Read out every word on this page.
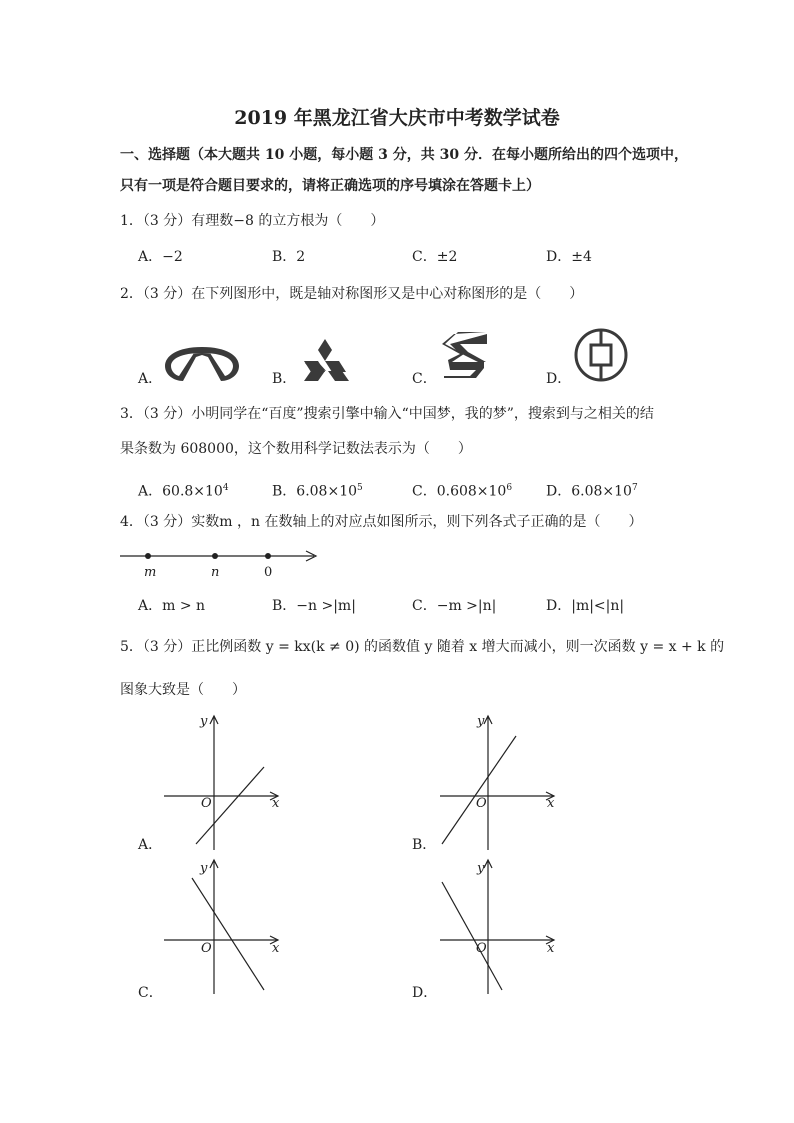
2019 年黑龙江省大庆市中考数学试卷
一、选择题（本大题共 10 小题，每小题 3 分，共 30 分．在每小题所给出的四个选项中，
只有一项是符合题目要求的，请将正确选项的序号填涂在答题卡上）
1．（3 分）有理数−8 的立方根为（　　）
A．−2	B．2	C．±2	D．±4
2．（3 分）在下列图形中，既是轴对称图形又是中心对称图形的是（　　）
A．	B．	C．	D．
3．（3 分）小明同学在“百度”搜索引擎中输入“中国梦，我的梦”，搜索到与之相关的结
果条数为 608000，这个数用科学记数法表示为（　　）
A．$60.8\times 10^4$	B．$6.08\times 10^5$	C．$0.608\times 10^6$ D．$6.08\times 10^7$
4．（3 分）实数m ，n 在数轴上的对应点如图所示，则下列各式子正确的是（　　）
m	n	0
A．m > n	B．−n >|m|	C．−m >|n|	D．|m|<|n|
5．（3 分）正比例函数 y = kx(k ≠ 0) 的函数值 y 随着 x 增大而减小，则一次函数 y = x + k 的
图象大致是（　　）
y
x
O
A．
y
x
O
B．
y
x
O
C．
y
x
O
D．
